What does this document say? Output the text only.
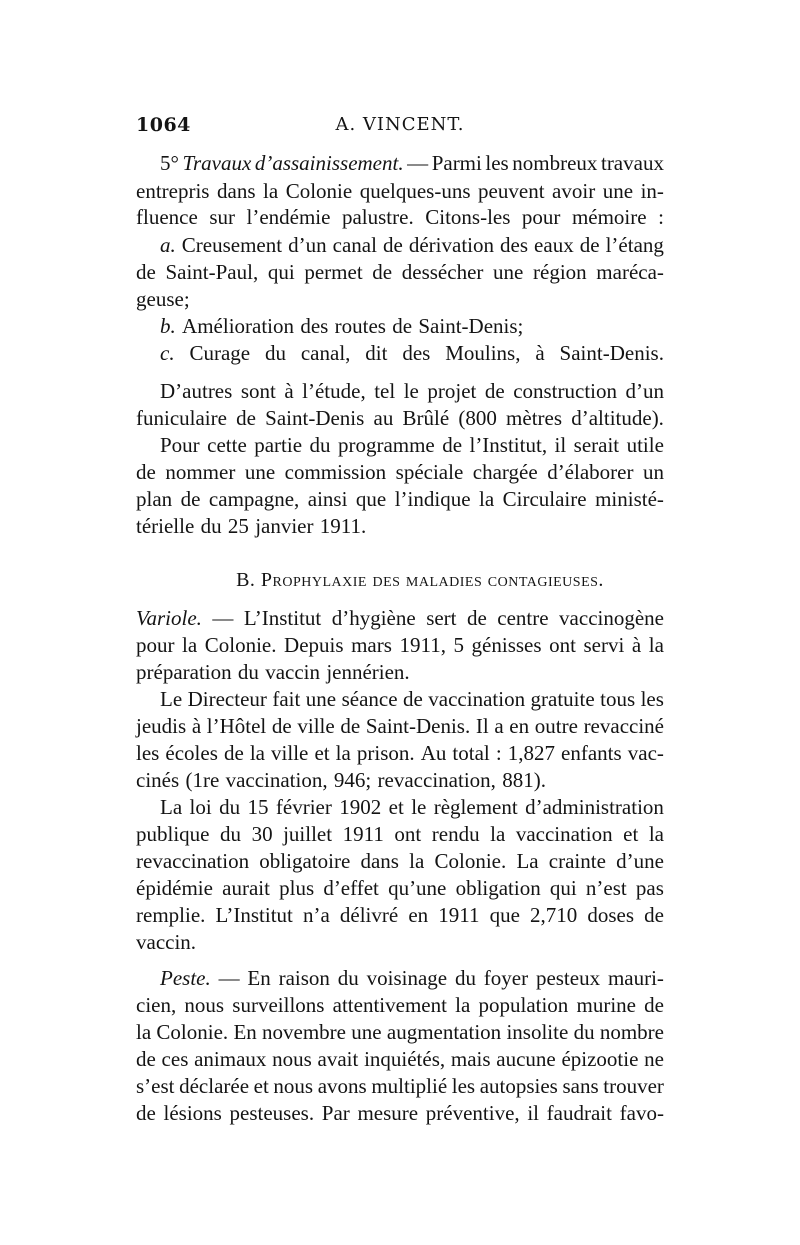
1064	A. VINCENT.
B. Prophylaxie des maladies contagieuses.
5° Travaux d’assainissement. — Parmi les nombreux travaux
entrepris dans la Colonie quelques-uns peuvent avoir une in-
fluence sur l’endémie palustre. Citons-les pour mémoire :
a. Creusement d’un canal de dérivation des eaux de l’étang
de Saint-Paul, qui permet de dessécher une région maréca-
geuse;
b. Amélioration des routes de Saint-Denis;
c. Curage du canal, dit des Moulins, à Saint-Denis.
D’autres sont à l’étude, tel le projet de construction d’un
funiculaire de Saint-Denis au Brûlé (800 mètres d’altitude).
Pour cette partie du programme de l’Institut, il serait utile
de nommer une commission spéciale chargée d’élaborer un
plan de campagne, ainsi que l’indique la Circulaire ministé-
térielle du 25 janvier 1911.
Variole. — L’Institut d’hygiène sert de centre vaccinogène
pour la Colonie. Depuis mars 1911, 5 génisses ont servi à la
préparation du vaccin jennérien.
Le Directeur fait une séance de vaccination gratuite tous les
jeudis à l’Hôtel de ville de Saint-Denis. Il a en outre revacciné
les écoles de la ville et la prison. Au total : 1,827 enfants vac-
cinés (1re vaccination, 946; revaccination, 881).
La loi du 15 février 1902 et le règlement d’administration
publique du 30 juillet 1911 ont rendu la vaccination et la
revaccination obligatoire dans la Colonie. La crainte d’une
épidémie aurait plus d’effet qu’une obligation qui n’est pas
remplie. L’Institut n’a délivré en 1911 que 2,710 doses de
vaccin.
Peste. — En raison du voisinage du foyer pesteux mauri-
cien, nous surveillons attentivement la population murine de
la Colonie. En novembre une augmentation insolite du nombre
de ces animaux nous avait inquiétés, mais aucune épizootie ne
s’est déclarée et nous avons multiplié les autopsies sans trouver
de lésions pesteuses. Par mesure préventive, il faudrait favo-
